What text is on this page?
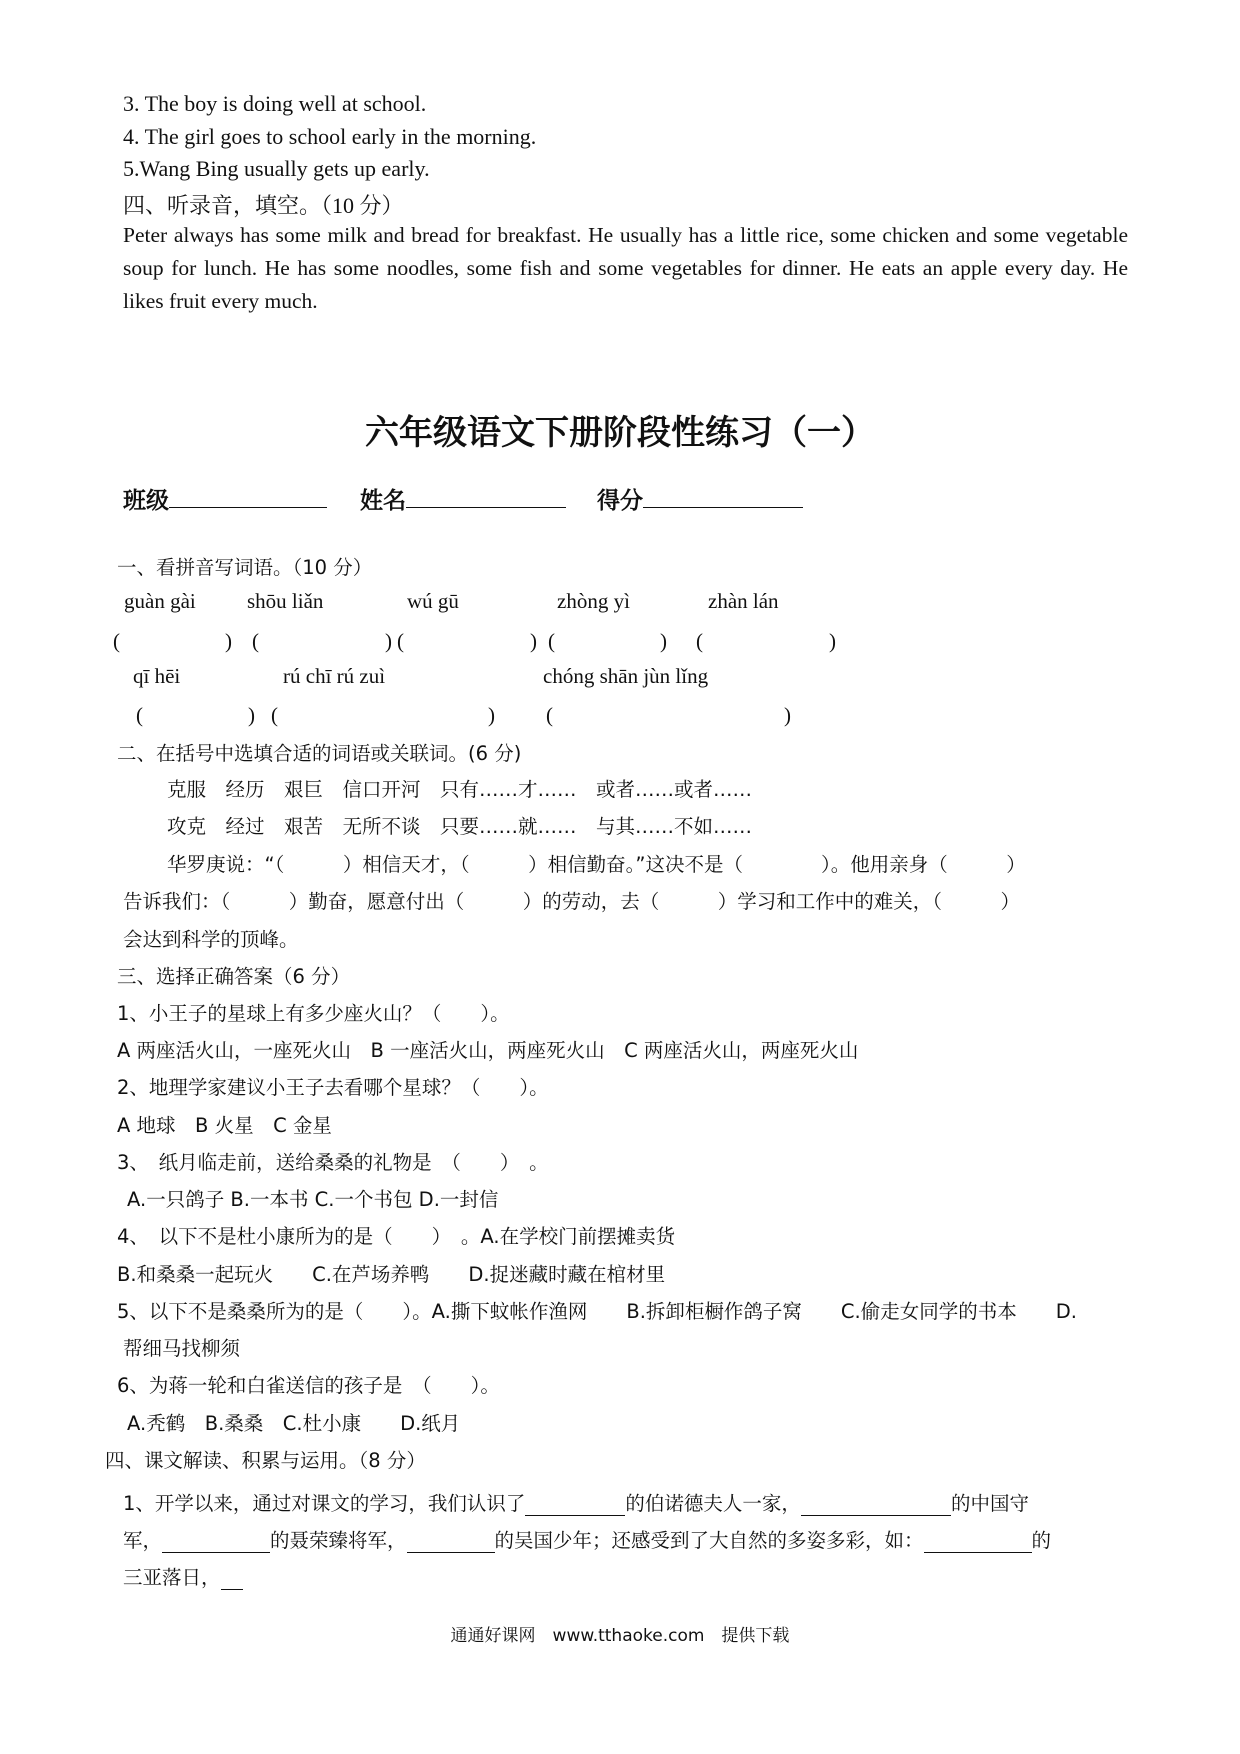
3. The boy is doing well at school.
4. The girl goes to school early in the morning.
5.Wang Bing usually gets up early.
四、听录音，填空。（10 分）
Peter always has some milk and bread for breakfast. He usually has a little rice, some chicken and some vegetable soup for lunch. He has some noodles, some fish and some vegetables for dinner. He eats an apple every day. He likes fruit every much.
六年级语文下册阶段性练习（一）
班级	姓名	得分
一、看拼音写词语。（10 分）
guàn gài shōu liǎn	wú gū	zhòng yì	zhàn lán
(　　　　　) (　　　　　　) (　　　　　　) (　　　　　) (　　　　　　)
qī hēi	rú chī rú zuì	chóng shān jùn lǐng
(　　　　　) (　　　　　　　　　　) (　　　　　　　　　　　)
二、在括号中选填合适的词语或关联词。(6 分)
克服　经历　艰巨　信口开河　只有……才……　或者……或者……
攻克　经过　艰苦　无所不谈　只要……就……　与其……不如……
华罗庚说：“（　　　）相信天才，（　　　）相信勤奋。”这决不是（　　　　）。他用亲身（　　　）
告诉我们：（　　　）勤奋，愿意付出（　　　）的劳动，去（　　　）学习和工作中的难关，（　　　）
会达到科学的顶峰。
三、选择正确答案（6 分）
1、小王子的星球上有多少座火山？（　　）。
A 两座活火山，一座死火山　B 一座活火山，两座死火山　C 两座活火山，两座死火山
2、地理学家建议小王子去看哪个星球？（　　）。
A 地球　B 火星　C 金星
3、　纸月临走前，送给桑桑的礼物是　（　　）　。
A.一只鸽子 B.一本书 C.一个书包 D.一封信
4、　以下不是杜小康所为的是（　　）　。A.在学校门前摆摊卖货
B.和桑桑一起玩火　　C.在芦场养鸭　　D.捉迷藏时藏在棺材里
5、以下不是桑桑所为的是（　　）。A.撕下蚊帐作渔网　　B.拆卸柜橱作鸽子窝　　C.偷走女同学的书本　　D.
帮细马找柳须
6、为蒋一轮和白雀送信的孩子是　（　　）。
A.秃鹤　B.桑桑　C.杜小康　　D.纸月
四、课文解读、积累与运用。（8 分）
1、开学以来，通过对课文的学习，我们认识了	的伯诺德夫人一家，	的中国守
军，	的聂荣臻将军，	的吴国少年；还感受到了大自然的多姿多彩，如：	的
三亚落日，
通通好课网　www.tthaoke.com　提供下载
